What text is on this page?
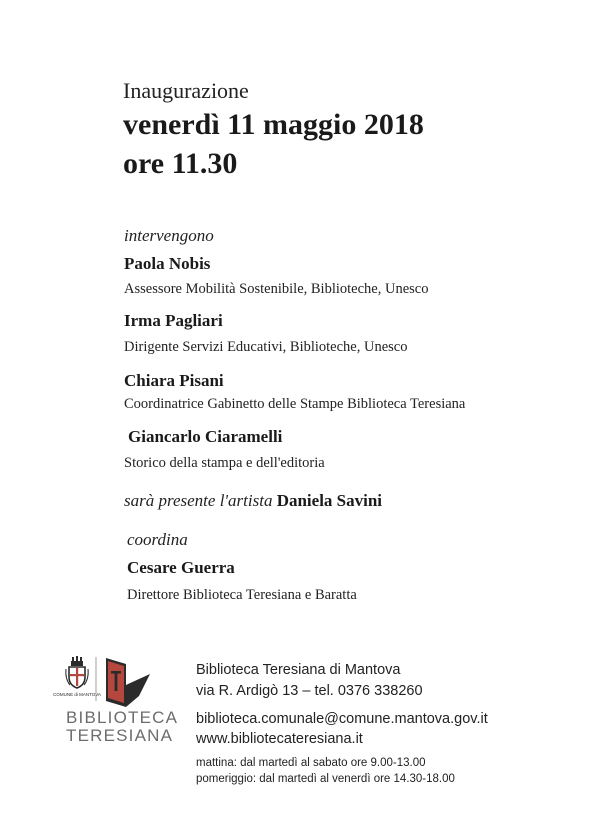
Inaugurazione
venerdì 11 maggio 2018
ore 11.30
intervengono
Paola Nobis
Assessore Mobilità Sostenibile, Biblioteche, Unesco
Irma Pagliari
Dirigente Servizi Educativi, Biblioteche, Unesco
Chiara Pisani
Coordinatrice Gabinetto delle Stampe Biblioteca Teresiana
Giancarlo Ciaramelli
Storico della stampa e dell'editoria
sarà presente l'artista Daniela Savini
coordina
Cesare Guerra
Direttore Biblioteca Teresiana e Baratta
COMUNE di MANTOVA
BIBLIOTECA
TERESIANA
Biblioteca Teresiana di Mantova
via R. Ardigò 13 – tel. 0376 338260
biblioteca.comunale@comune.mantova.gov.it
www.bibliotecateresiana.it
mattina: dal martedì al sabato ore 9.00-13.00
pomeriggio: dal martedì al venerdì ore 14.30-18.00
